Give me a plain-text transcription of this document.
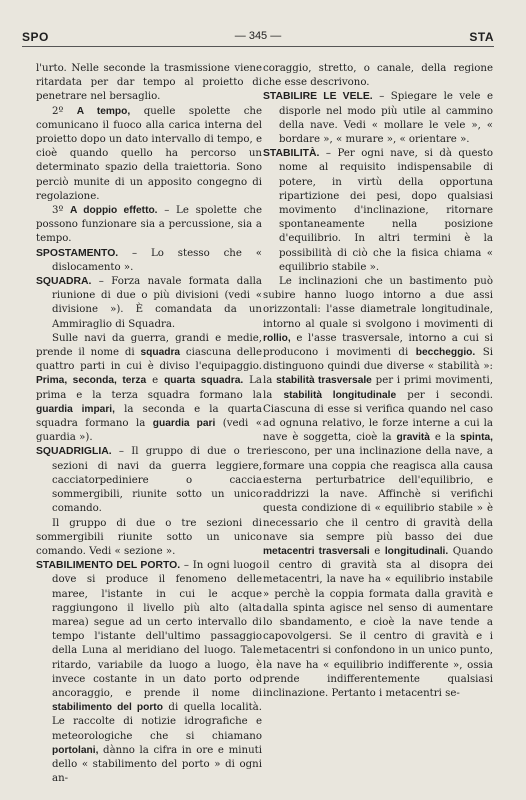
SPO	— 345 —	STA

l'urto. Nelle seconde la trasmissione viene ritardata per dar tempo al proietto di penetrare nel bersaglio.

2º A tempo, quelle spolette che comunicano il fuoco alla carica interna del proietto dopo un dato intervallo di tempo, e cioè quando quello ha percorso un determinato spazio della traiettoria. Sono perciò munite di un apposito congegno di regolazione.

3º A doppio effetto. – Le spolette che possono funzionare sia a percussione, sia a tempo.

SPOSTAMENTO. – Lo stesso che « dislocamento ».

SQUADRA. – Forza navale formata dalla riunione di due o più divisioni (vedi « divisione »). È comandata da un Ammiraglio di Squadra.

Sulle navi da guerra, grandi e medie, prende il nome di squadra ciascuna delle quattro parti in cui è diviso l'equipaggio. Prima, seconda, terza e quarta squadra. La prima e la terza squadra formano la guardia impari, la seconda e la quarta squadra formano la guardia pari (vedi « guardia »).

SQUADRIGLIA. – Il gruppo di due o tre sezioni di navi da guerra leggiere, cacciatorpediniere o caccia sommergibili, riunite sotto un unico comando.

Il gruppo di due o tre sezioni di sommergibili riunite sotto un unico comando. Vedi « sezione ».

STABILIMENTO DEL PORTO. – In ogni luogo dove si produce il fenomeno delle maree, l'istante in cui le acque raggiungono il livello più alto (alta marea) segue ad un certo intervallo di tempo l'istante dell'ultimo passaggio della Luna al meridiano del luogo. Tale ritardo, variabile da luogo a luogo, è invece costante in un dato porto od ancoraggio, e prende il nome di stabilimento del porto di quella località. Le raccolte di notizie idrografiche e meteorologiche che si chiamano portolani, dànno la cifra in ore e minuti dello « stabilimento del porto » di ogni an-

coraggio, stretto, o canale, della regione che esse descrivono.

STABILIRE LE VELE. – Spiegare le vele e disporle nel modo più utile al cammino della nave. Vedi « mollare le vele », « bordare », « murare », « orientare ».

STABILITÀ. – Per ogni nave, si dà questo nome al requisito indispensabile di potere, in virtù della opportuna ripartizione dei pesi, dopo qualsiasi movimento d'inclinazione, ritornare spontaneamente nella posizione d'equilibrio. In altri termini è la possibilità di ciò che la fisica chiama « equilibrio stabile ».

Le inclinazioni che un bastimento può subire hanno luogo intorno a due assi orizzontali: l'asse diametrale longitudinale, intorno al quale si svolgono i movimenti di rollio, e l'asse trasversale, intorno a cui si producono i movimenti di beccheggio. Si distinguono quindi due diverse « stabilità »: la stabilità trasversale per i primi movimenti, la stabilità longitudinale per i secondi. Ciascuna di esse si verifica quando nel caso ad ognuna relativo, le forze interne a cui la nave è soggetta, cioè la gravità e la spinta, riescono, per una inclinazione della nave, a formare una coppia che reagisca alla causa esterna perturbatrice dell'equilibrio, e raddrizzi la nave. Affinchè si verifichi questa condizione di « equilibrio stabile » è necessario che il centro di gravità della nave sia sempre più basso dei due metacentri trasversali e longitudinali. Quando il centro di gravità sta al disopra dei metacentri, la nave ha « equilibrio instabile » perchè la coppia formata dalla gravità e dalla spinta agisce nel senso di aumentare lo sbandamento, e cioè la nave tende a capovolgersi. Se il centro di gravità e i metacentri si confondono in un unico punto, la nave ha « equilibrio indifferente », ossia prende indifferentemente qualsiasi inclinazione. Pertanto i metacentri se-
